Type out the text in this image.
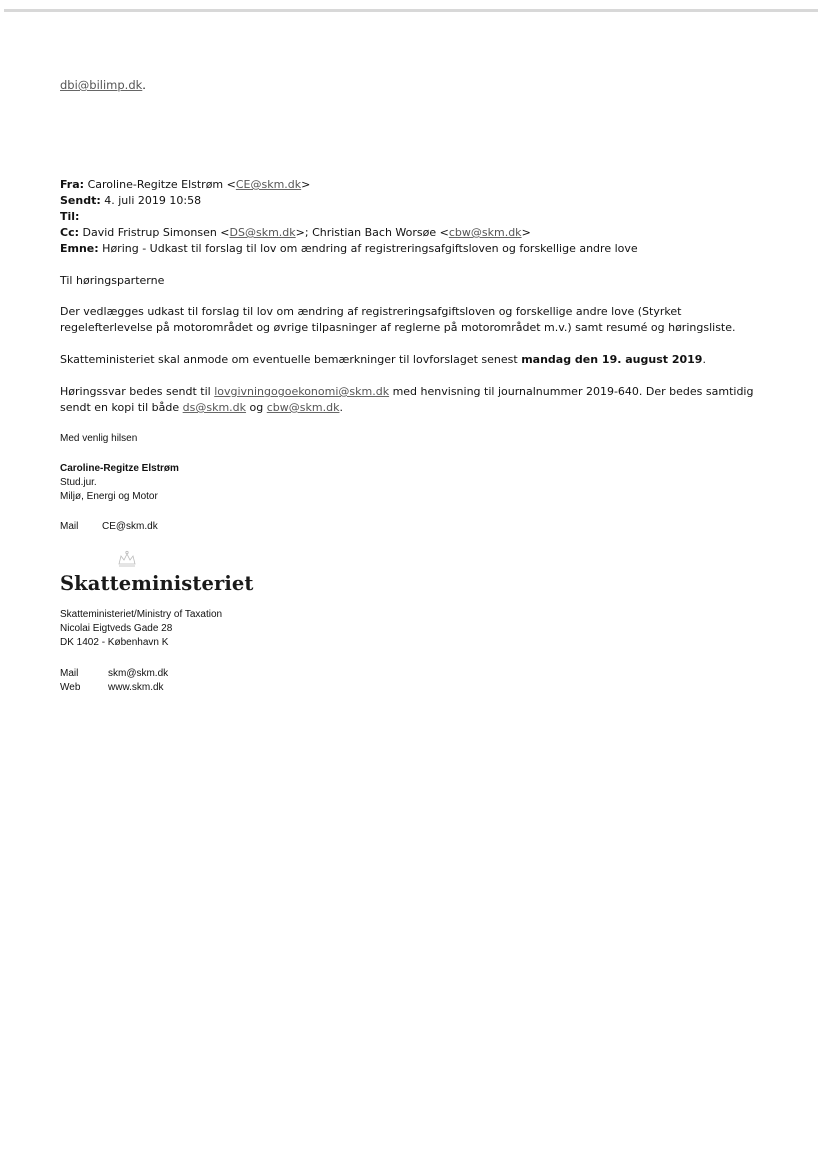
dbi@bilimp.dk.
Fra: Caroline-Regitze Elstrøm <CE@skm.dk>
Sendt: 4. juli 2019 10:58
Til:
Cc: David Fristrup Simonsen <DS@skm.dk>; Christian Bach Worsøe <cbw@skm.dk>
Emne: Høring - Udkast til forslag til lov om ændring af registreringsafgiftsloven og forskellige andre love
Til høringsparterne
Der vedlægges udkast til forslag til lov om ændring af registreringsafgiftsloven og forskellige andre love (Styrket regelefterlevelse på motorområdet og øvrige tilpasninger af reglerne på motorområdet m.v.) samt resumé og høringsliste.
Skatteministeriet skal anmode om eventuelle bemærkninger til lovforslaget senest mandag den 19. august 2019.
Høringssvar bedes sendt til lovgivningogoekonomi@skm.dk med henvisning til journalnummer 2019-640. Der bedes samtidig sendt en kopi til både ds@skm.dk og cbw@skm.dk.
Med venlig hilsen
Caroline-Regitze Elstrøm
Stud.jur.
Miljø, Energi og Motor
Mail CE@skm.dk
Skatteministeriet
Skatteministeriet/Ministry of Taxation
Nicolai Eigtveds Gade 28
DK 1402 - København K
Mail	skm@skm.dk
Web	www.skm.dk
